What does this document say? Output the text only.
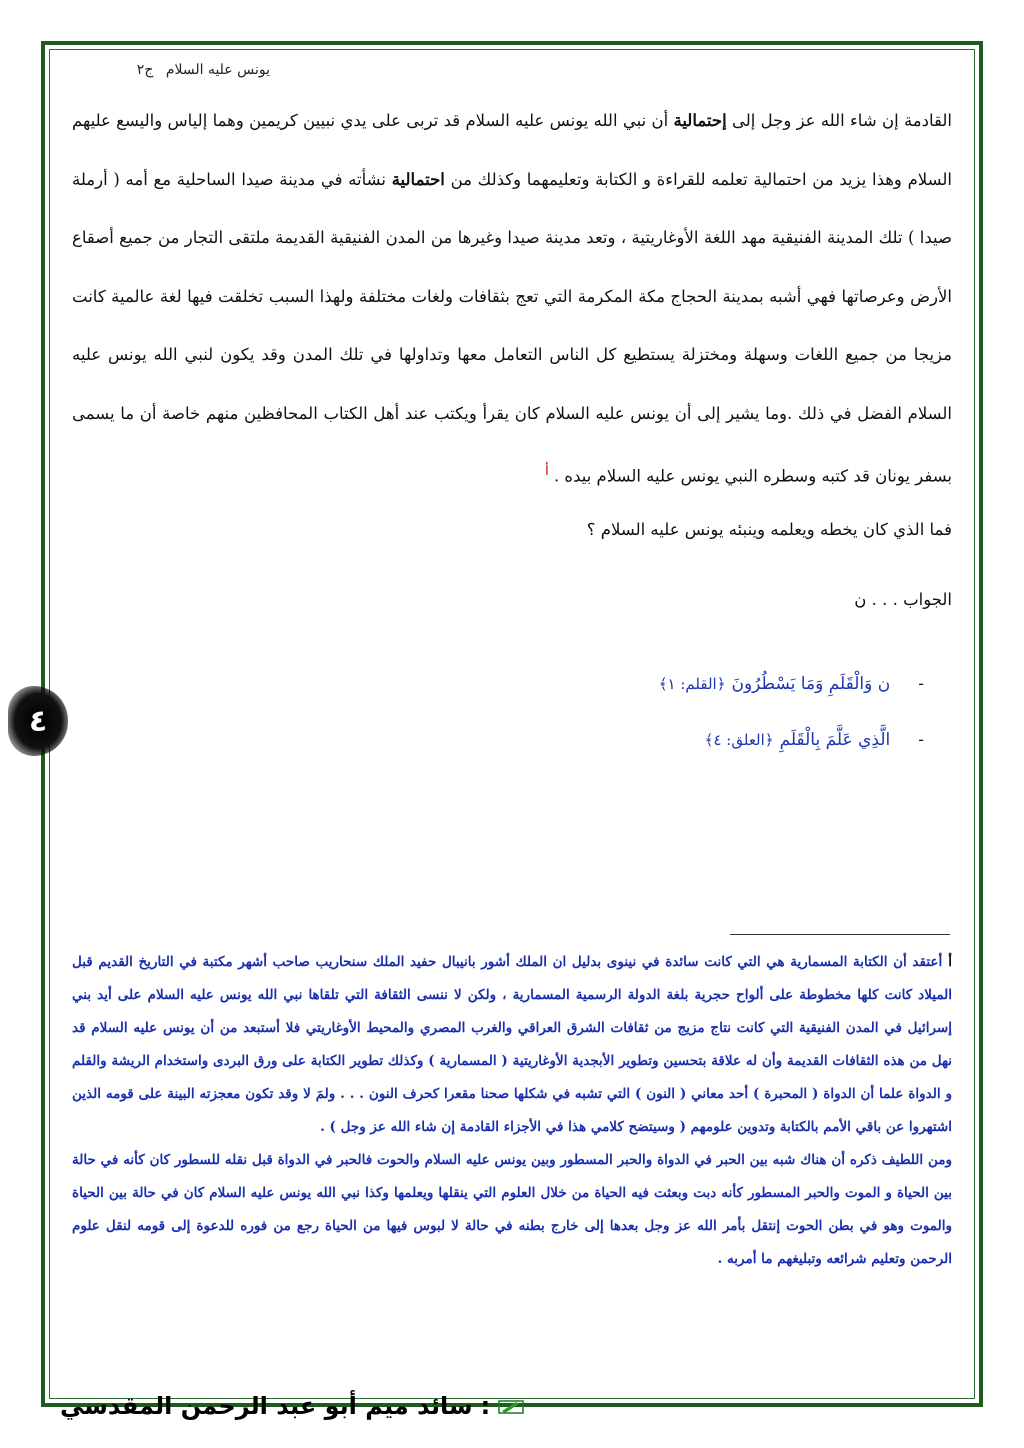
يونس عليه السلام ج٢

القادمة إن شاء الله عز وجل إلى إحتمالية أن نبي الله يونس عليه السلام قد تربى على يدي نبيين كريمين وهما إلياس واليسع عليهم السلام وهذا يزيد من احتمالية تعلمه للقراءة و الكتابة وتعليمهما وكذلك من احتمالية نشأته في مدينة صيدا الساحلية مع أمه ( أرملة صيدا ) تلك المدينة الفنيقية مهد اللغة الأوغاريتية ، وتعد مدينة صيدا وغيرها من المدن الفنيقية القديمة ملتقى التجار من جميع أصقاع الأرض وعرصاتها فهي أشبه بمدينة الحجاج مكة المكرمة التي تعج بثقافات ولغات مختلفة ولهذا السبب تخلقت فيها لغة عالمية كانت مزيجا من جميع اللغات وسهلة ومختزلة يستطيع كل الناس التعامل معها وتداولها في تلك المدن وقد يكون لنبي الله يونس عليه السلام الفضل في ذلك .وما يشير إلى أن يونس عليه السلام كان يقرأ ويكتب عند أهل الكتاب المحافظين منهم خاصة أن ما يسمى بسفر يونان قد كتبه وسطره النبي يونس عليه السلام بيده . $^أ$

فما الذي كان يخطه ويعلمه وينبئه يونس عليه السلام ؟
الجواب . . . ن
-
ن وَالْقَلَمِ وَمَا يَسْطُرُونَ
﴿القلم: ١﴾
-
الَّذِي عَلَّمَ بِالْقَلَمِ
﴿العلق: ٤﴾
٤

أأعتقد أن الكتابة المسمارية هي التي كانت سائدة في نينوى بدليل ان الملك أشور بانيبال حفيد الملك سنحاريب صاحب أشهر مكتبة في التاريخ القديم قبل الميلاد كانت كلها مخطوطة على ألواح حجرية بلغة الدولة الرسمية المسمارية ، ولكن لا ننسى الثقافة التي تلقاها نبي الله يونس عليه السلام على أيد بني إسرائيل في المدن الفنيقية التي كانت نتاج مزيج من ثقافات الشرق العراقي والغرب المصري والمحيط الأوغاريتي فلا أستبعد من أن يونس عليه السلام قد نهل من هذه الثقافات القديمة وأن له علاقة بتحسين وتطوير الأبجدية الأوغاريتية ( المسمارية ) وكذلك تطوير الكتابة على ورق البردى واستخدام الريشة والقلم و الدواة علما أن الدواة ( المحبرة ) أحد معاني ( النون ) التي تشبه في شكلها صحنا مقعرا كحرف النون . . . ولمَ لا وقد تكون معجزته البينة على قومه الذين اشتهروا عن باقي الأمم بالكتابة وتدوين علومهم ( وسيتضح كلامي هذا في الأجزاء القادمة إن شاء الله عز وجل ) .

ومن اللطيف ذكره أن هناك شبه بين الحبر في الدواة والحبر المسطور وبين يونس عليه السلام والحوت فالحبر في الدواة قبل نقله للسطور كان كأنه في حالة بين الحياة و الموت والحبر المسطور كأنه دبت وبعثت فيه الحياة من خلال العلوم التي ينقلها ويعلمها وكذا نبي الله يونس عليه السلام كان في حالة بين الحياة والموت وهو في بطن الحوت إنتقل بأمر الله عز وجل بعدها إلى خارج بطنه في حالة لا لبوس فيها من الحياة رجع من فوره للدعوة إلى قومه لنقل علوم الرحمن وتعليم شرائعه وتبليغهم ما أمربه .

:
سائد ميم أبو عبد الرحمن المقدسي
